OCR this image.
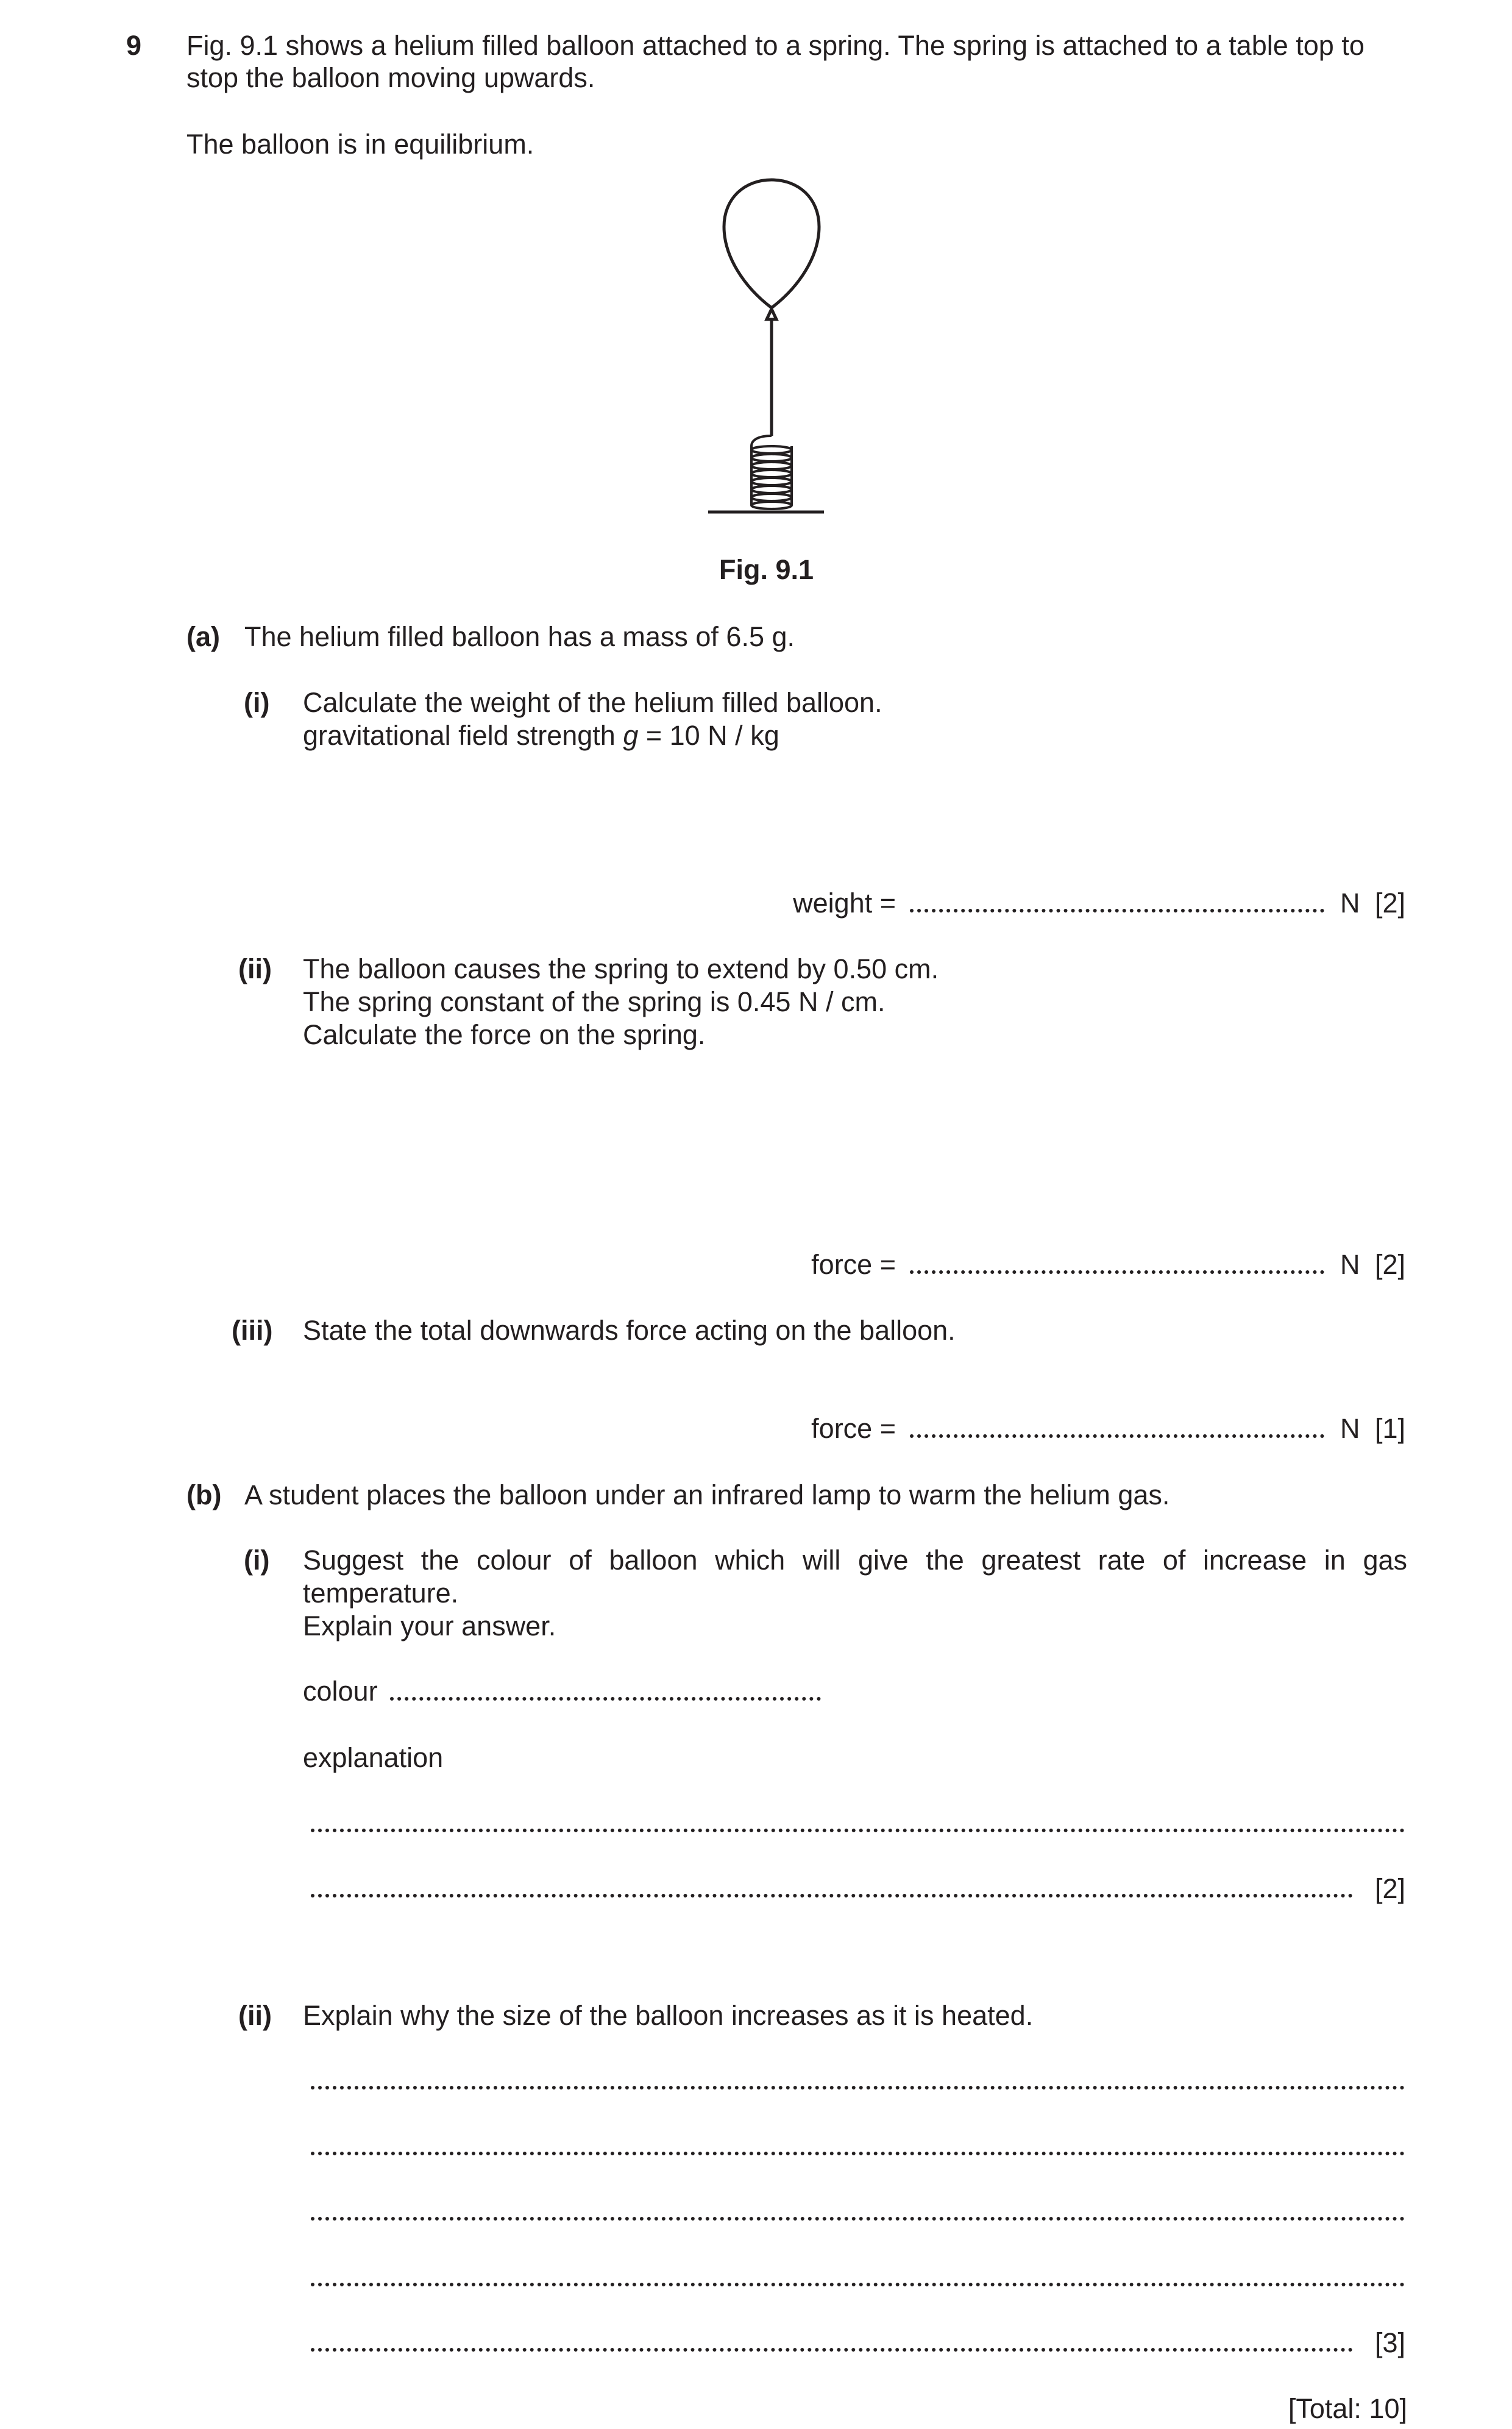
9 Fig. 9.1 shows a helium filled balloon attached to a spring. The spring is attached to a table top to
stop the balloon moving upwards.
The balloon is in equilibrium.
Fig. 9.1
(a) The helium filled balloon has a mass of 6.5 g.
(i) Calculate the weight of the helium filled balloon.
gravitational field strength g = 10 N / kg
weight =	N [2]
(ii) The balloon causes the spring to extend by 0.50 cm.
The spring constant of the spring is 0.45 N / cm.
Calculate the force on the spring.
force =	N [2]
(iii) State the total downwards force acting on the balloon.
force =	N [1]
(b) A student places the balloon under an infrared lamp to warm the helium gas.
(i) Suggest the colour of balloon which will give the greatest rate of increase in gas
temperature.
Explain your answer.
colour
explanation
[2]
(ii) Explain why the size of the balloon increases as it is heated.
[3]
[Total: 10]
